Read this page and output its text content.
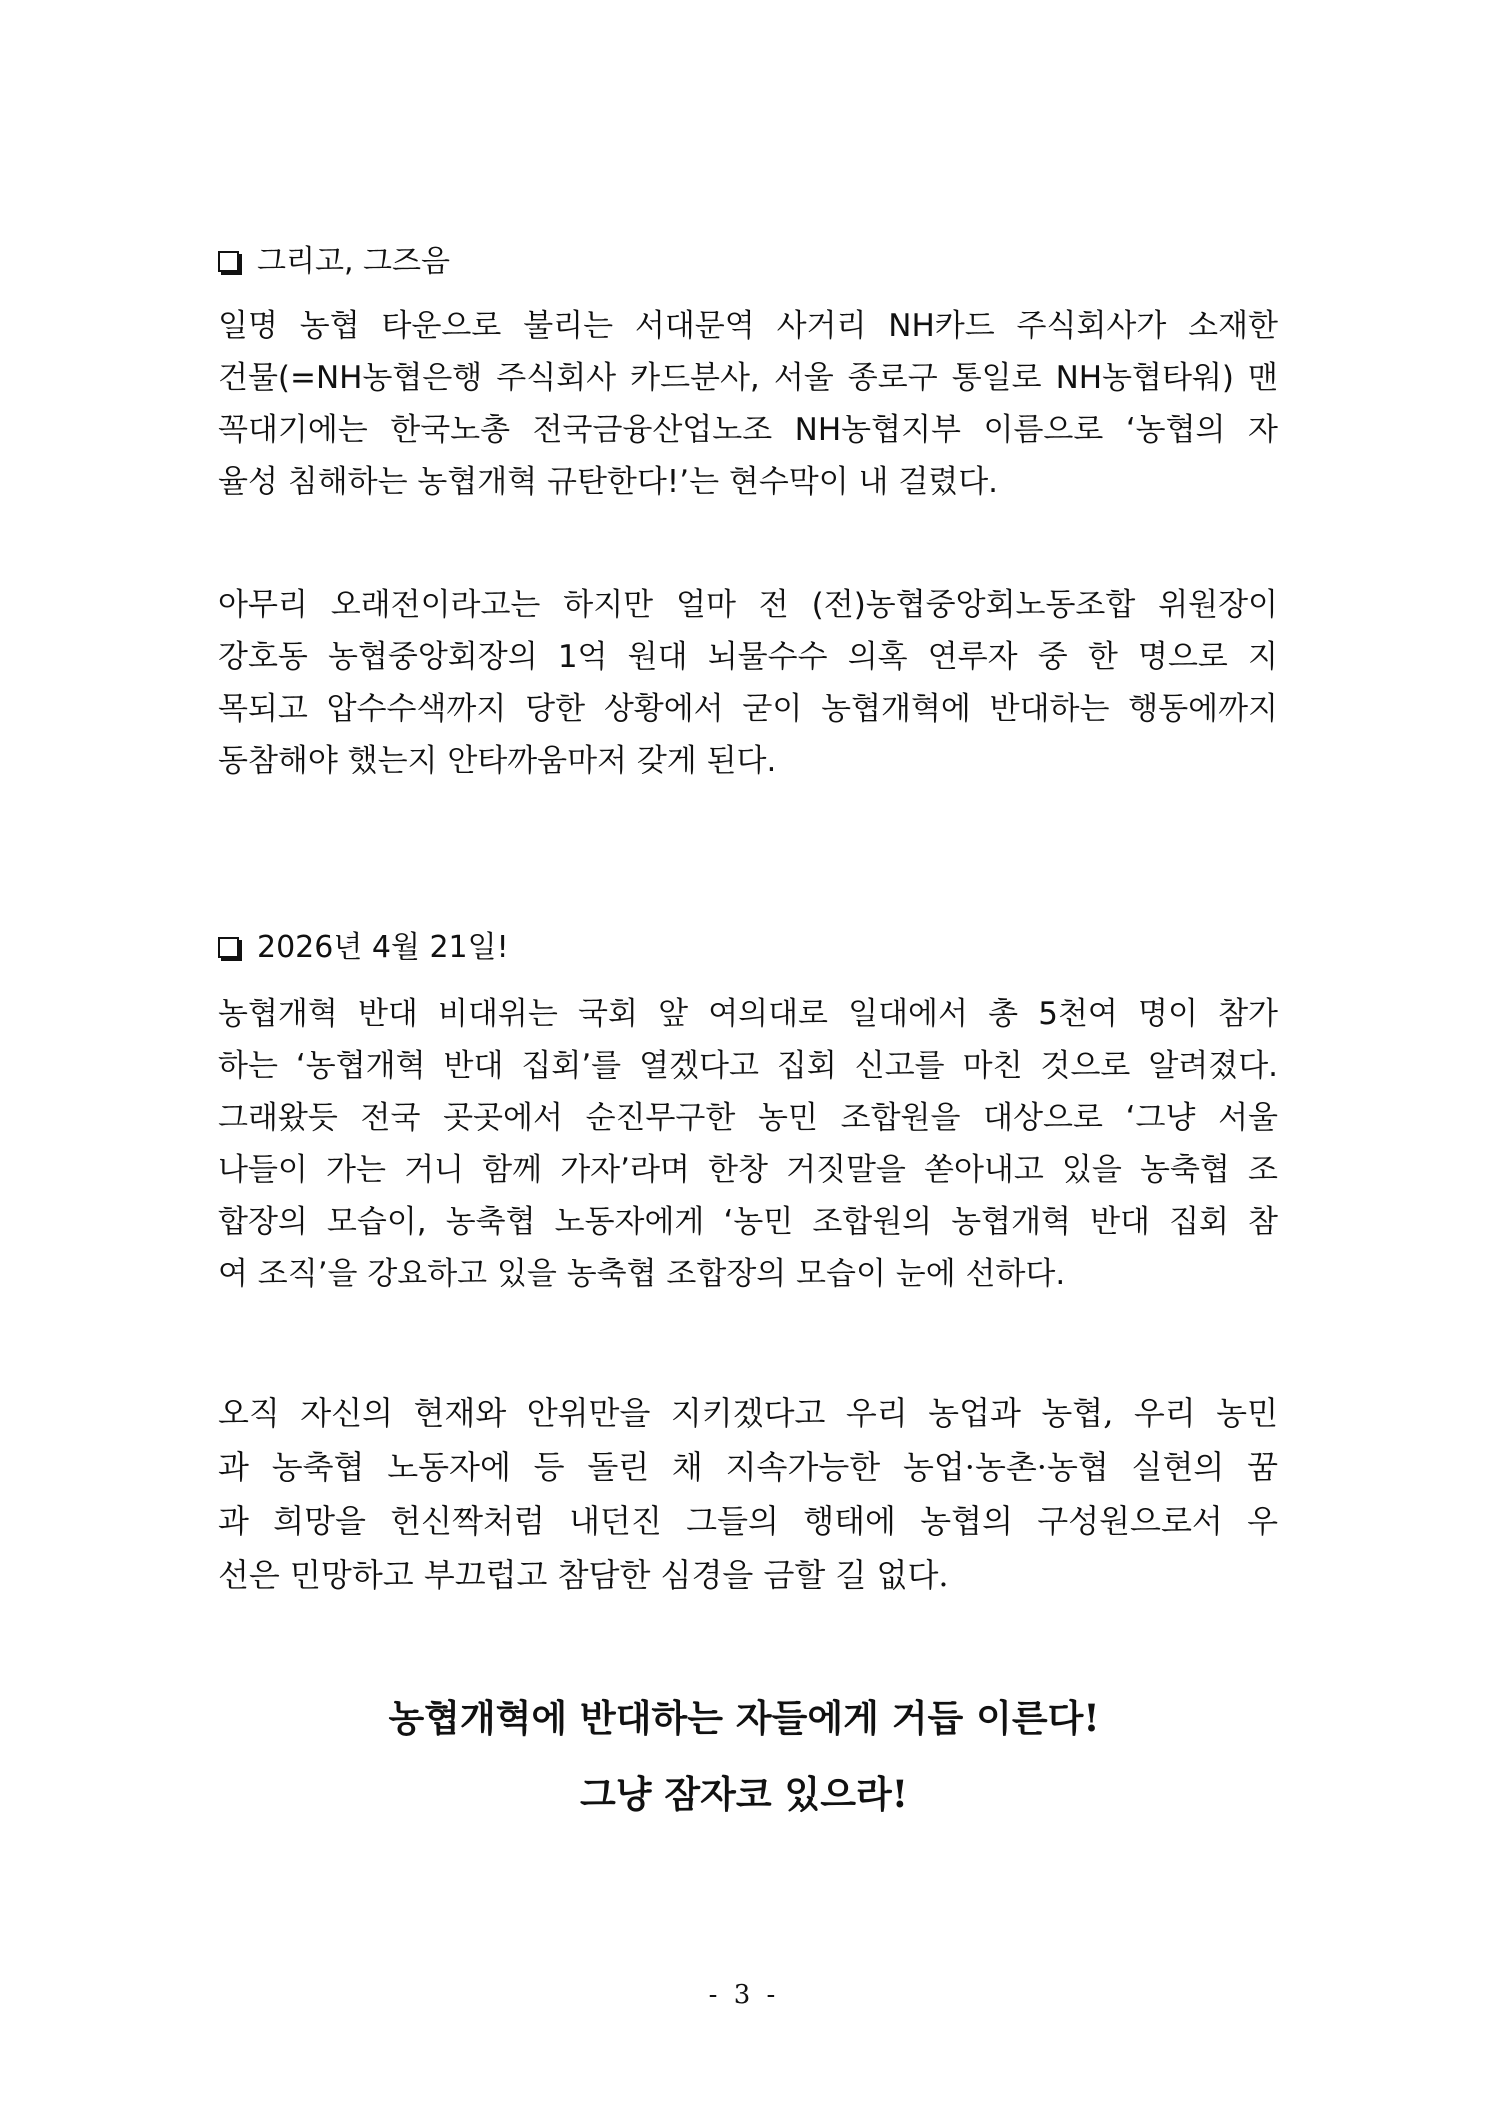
그리고, 그즈음
일명 농협 타운으로 불리는 서대문역 사거리 NH카드 주식회사가 소재한
건물(=NH농협은행 주식회사 카드분사, 서울 종로구 통일로 NH농협타워) 맨
꼭대기에는 한국노총 전국금융산업노조 NH농협지부 이름으로 ‘농협의 자
율성 침해하는 농협개혁 규탄한다!’는 현수막이 내 걸렸다.
아무리 오래전이라고는 하지만 얼마 전 (전)농협중앙회노동조합 위원장이
강호동 농협중앙회장의 1억 원대 뇌물수수 의혹 연루자 중 한 명으로 지
목되고 압수수색까지 당한 상황에서 굳이 농협개혁에 반대하는 행동에까지
동참해야 했는지 안타까움마저 갖게 된다.
2026년 4월 21일!
농협개혁 반대 비대위는 국회 앞 여의대로 일대에서 총 5천여 명이 참가
하는 ‘농협개혁 반대 집회’를 열겠다고 집회 신고를 마친 것으로 알려졌다.
그래왔듯 전국 곳곳에서 순진무구한 농민 조합원을 대상으로 ‘그냥 서울
나들이 가는 거니 함께 가자’라며 한창 거짓말을 쏟아내고 있을 농축협 조
합장의 모습이, 농축협 노동자에게 ‘농민 조합원의 농협개혁 반대 집회 참
여 조직’을 강요하고 있을 농축협 조합장의 모습이 눈에 선하다.
오직 자신의 현재와 안위만을 지키겠다고 우리 농업과 농협, 우리 농민
과 농축협 노동자에 등 돌린 채 지속가능한 농업·농촌·농협 실현의 꿈
과 희망을 헌신짝처럼 내던진 그들의 행태에 농협의 구성원으로서 우
선은 민망하고 부끄럽고 참담한 심경을 금할 길 없다.
농협개혁에 반대하는 자들에게 거듭 이른다!
그냥 잠자코 있으라!
- 3 -
